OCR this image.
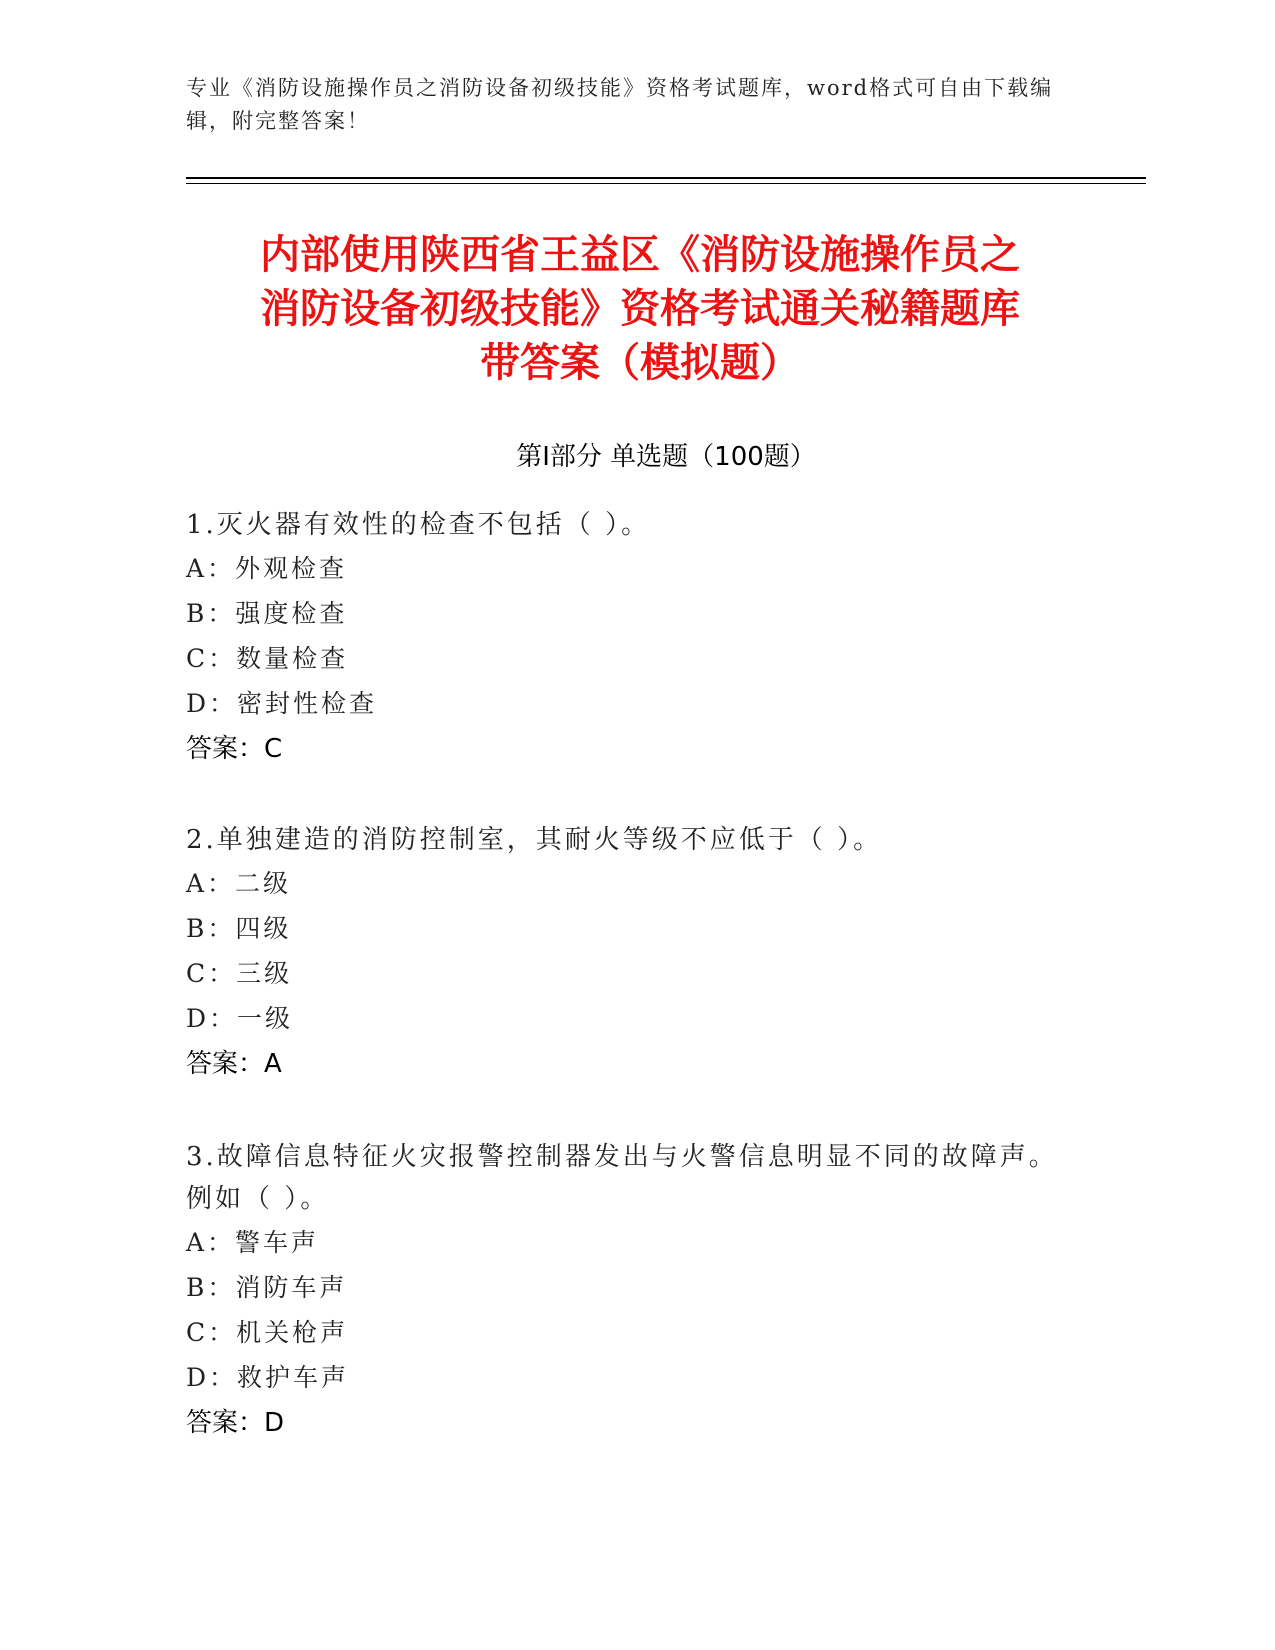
专业《消防设施操作员之消防设备初级技能》资格考试题库，word格式可自由下载编辑，附完整答案！
内部使用陕西省王益区《消防设施操作员之
消防设备初级技能》资格考试通关秘籍题库
带答案（模拟题）
第I部分 单选题（100题）
1.灭火器有效性的检查不包括（ ）。
A：外观检查
B：强度检查
C：数量检查
D：密封性检查
答案：C
2.单独建造的消防控制室，其耐火等级不应低于（ ）。
A：二级
B：四级
C：三级
D：一级
答案：A
3.故障信息特征火灾报警控制器发出与火警信息明显不同的故障声。例如（ ）。
A：警车声
B：消防车声
C：机关枪声
D：救护车声
答案：D
